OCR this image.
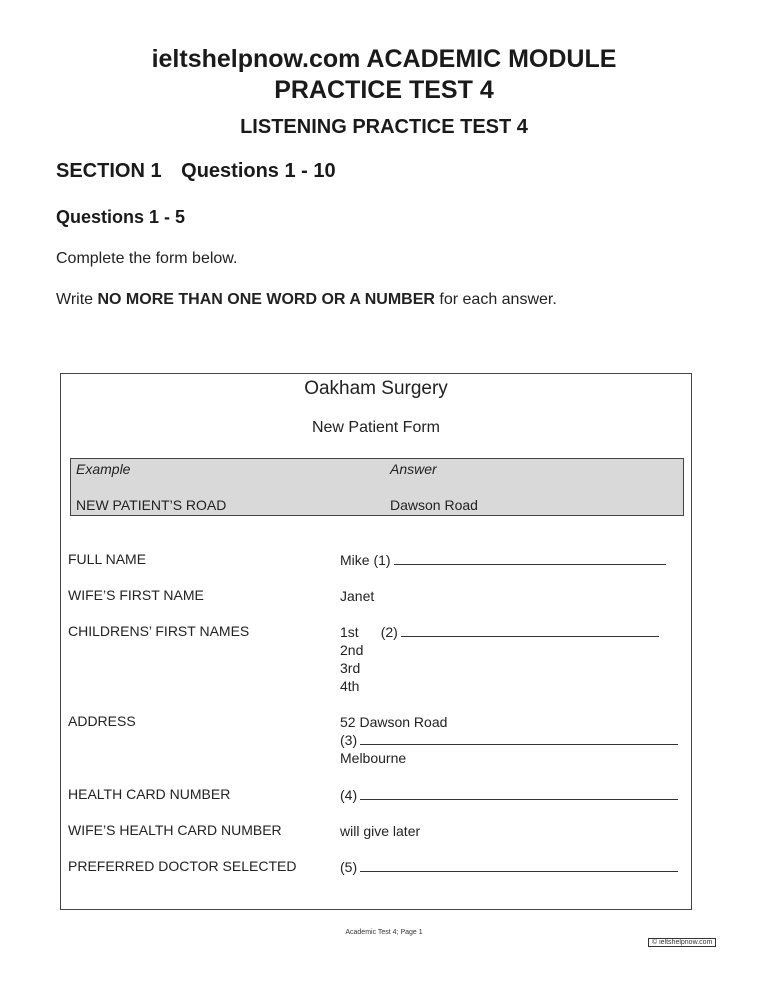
ieltshelpnow.com ACADEMIC MODULE
PRACTICE TEST 4
LISTENING PRACTICE TEST 4
SECTION 1 Questions 1 - 10
Questions 1 - 5
Complete the form below.
Write NO MORE THAN ONE WORD OR A NUMBER for each answer.
Oakham Surgery
New Patient Form
Example	Answer
NEW PATIENT’S ROAD	Dawson Road
FULL NAME	Mike (1)
WIFE’S FIRST NAME	Janet
CHILDRENS’ FIRST NAMES	1st (2)
2nd
3rd
4th
ADDRESS	52 Dawson Road
(3)
Melbourne
HEALTH CARD NUMBER	(4)
WIFE’S HEALTH CARD NUMBER	will give later
PREFERRED DOCTOR SELECTED	(5)
Academic Test 4; Page 1
© ieltshelpnow.com
